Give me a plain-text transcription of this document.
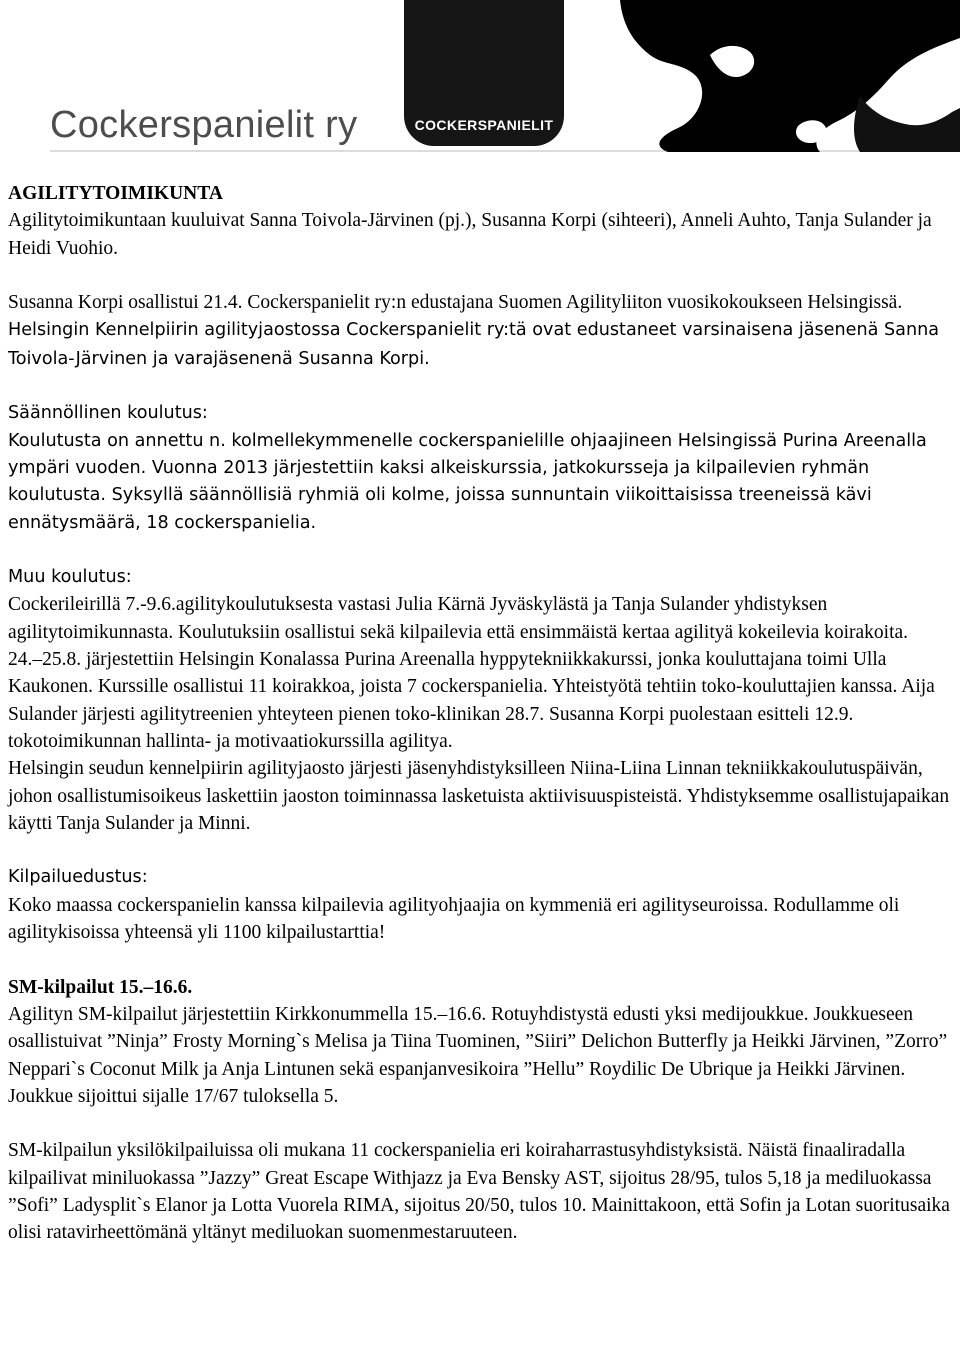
Cockerspanielit ry	COCKERSPANIELIT

AGILITYTOIMIKUNTA

Agilitytoimikuntaan kuuluivat Sanna Toivola-Järvinen (pj.), Susanna Korpi (sihteeri), Anneli Auhto, Tanja Sulander ja Heidi Vuohio.

Susanna Korpi osallistui 21.4. Cockerspanielit ry:n edustajana Suomen Agilityliiton vuosikokoukseen Helsingissä. Helsingin Kennelpiirin agilityjaostossa Cockerspanielit ry:tä ovat edustaneet varsinaisena jäsenenä Sanna Toivola-Järvinen ja varajäsenenä Susanna Korpi.

Säännöllinen koulutus:

Koulutusta on annettu n. kolmellekymmenelle cockerspanielille ohjaajineen Helsingissä Purina Areenalla ympäri vuoden. Vuonna 2013 järjestettiin kaksi alkeiskurssia, jatkokursseja ja kilpailevien ryhmän koulutusta. Syksyllä säännöllisiä ryhmiä oli kolme, joissa sunnuntain viikoittaisissa treeneissä kävi ennätysmäärä, 18 cockerspanielia.

Muu koulutus:

Cockerileirillä 7.-9.6.agilitykoulutuksesta vastasi Julia Kärnä Jyväskylästä ja Tanja Sulander yhdistyksen agilitytoimikunnasta. Koulutuksiin osallistui sekä kilpailevia että ensimmäistä kertaa agilityä kokeilevia koirakoita.

24.–25.8. järjestettiin Helsingin Konalassa Purina Areenalla hyppytekniikkakurssi, jonka kouluttajana toimi Ulla Kaukonen. Kurssille osallistui 11 koirakkoa, joista 7 cockerspanielia. Yhteistyötä tehtiin toko-kouluttajien kanssa. Aija Sulander järjesti agilitytreenien yhteyteen pienen toko-klinikan 28.7. Susanna Korpi puolestaan esitteli 12.9. tokotoimikunnan hallinta- ja motivaatiokurssilla agilitya.

Helsingin seudun kennelpiirin agilityjaosto järjesti jäsenyhdistyksilleen Niina-Liina Linnan tekniikkakoulutuspäivän, johon osallistumisoikeus laskettiin jaoston toiminnassa lasketuista aktiivisuuspisteistä. Yhdistyksemme osallistujapaikan käytti Tanja Sulander ja Minni.

Kilpailuedustus:

Koko maassa cockerspanielin kanssa kilpailevia agilityohjaajia on kymmeniä eri agilityseuroissa. Rodullamme oli agilitykisoissa yhteensä yli 1100 kilpailustarttia!

SM-kilpailut 15.–16.6.

Agilityn SM-kilpailut järjestettiin Kirkkonummella 15.–16.6. Rotuyhdistystä edusti yksi medijoukkue. Joukkueseen osallistuivat ”Ninja” Frosty Morning`s Melisa ja Tiina Tuominen, ”Siiri” Delichon Butterfly ja Heikki Järvinen, ”Zorro” Neppari`s Coconut Milk ja Anja Lintunen sekä espanjanvesikoira ”Hellu” Roydilic De Ubrique ja Heikki Järvinen. Joukkue sijoittui sijalle 17/67 tuloksella 5.

SM-kilpailun yksilökilpailuissa oli mukana 11 cockerspanielia eri koiraharrastusyhdistyksistä. Näistä finaaliradalla kilpailivat miniluokassa ”Jazzy” Great Escape Withjazz ja Eva Bensky AST, sijoitus 28/95, tulos 5,18 ja mediluokassa ”Sofi” Ladysplit`s Elanor ja Lotta Vuorela RIMA, sijoitus 20/50, tulos 10. Mainittakoon, että Sofin ja Lotan suoritusaika olisi ratavirheettömänä yltänyt mediluokan suomenmestaruuteen.
